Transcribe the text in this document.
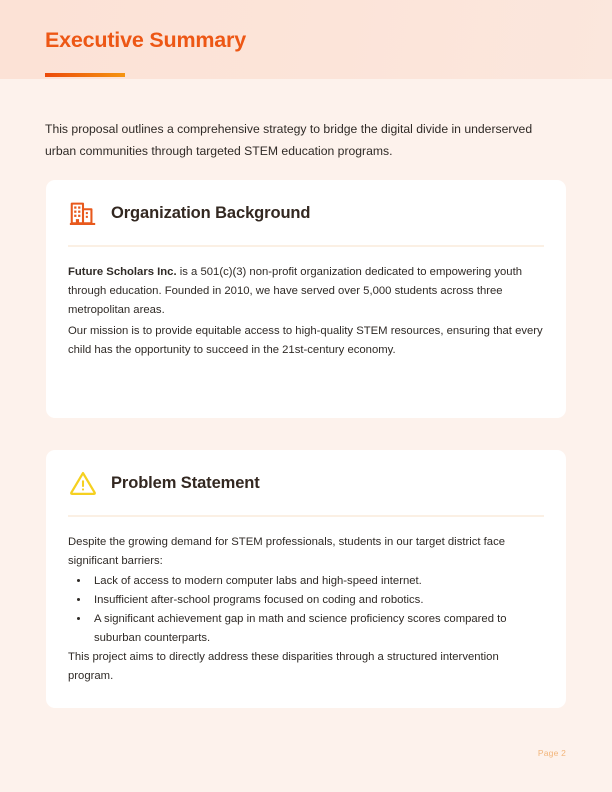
Executive Summary
This proposal outlines a comprehensive strategy to bridge the digital divide in underserved urban communities through targeted STEM education programs.
Organization Background

Future Scholars Inc. is a 501(c)(3) non-profit organization dedicated to empowering youth through education. Founded in 2010, we have served over 5,000 students across three metropolitan areas.

Our mission is to provide equitable access to high-quality STEM resources, ensuring that every child has the opportunity to succeed in the 21st-century economy.

Problem Statement

Despite the growing demand for STEM professionals, students in our target district face significant barriers:

• Lack of access to modern computer labs and high-speed internet.
• Insufficient after-school programs focused on coding and robotics.
• A significant achievement gap in math and science proficiency scores compared to suburban counterparts.

This project aims to directly address these disparities through a structured intervention program.

Page 2
